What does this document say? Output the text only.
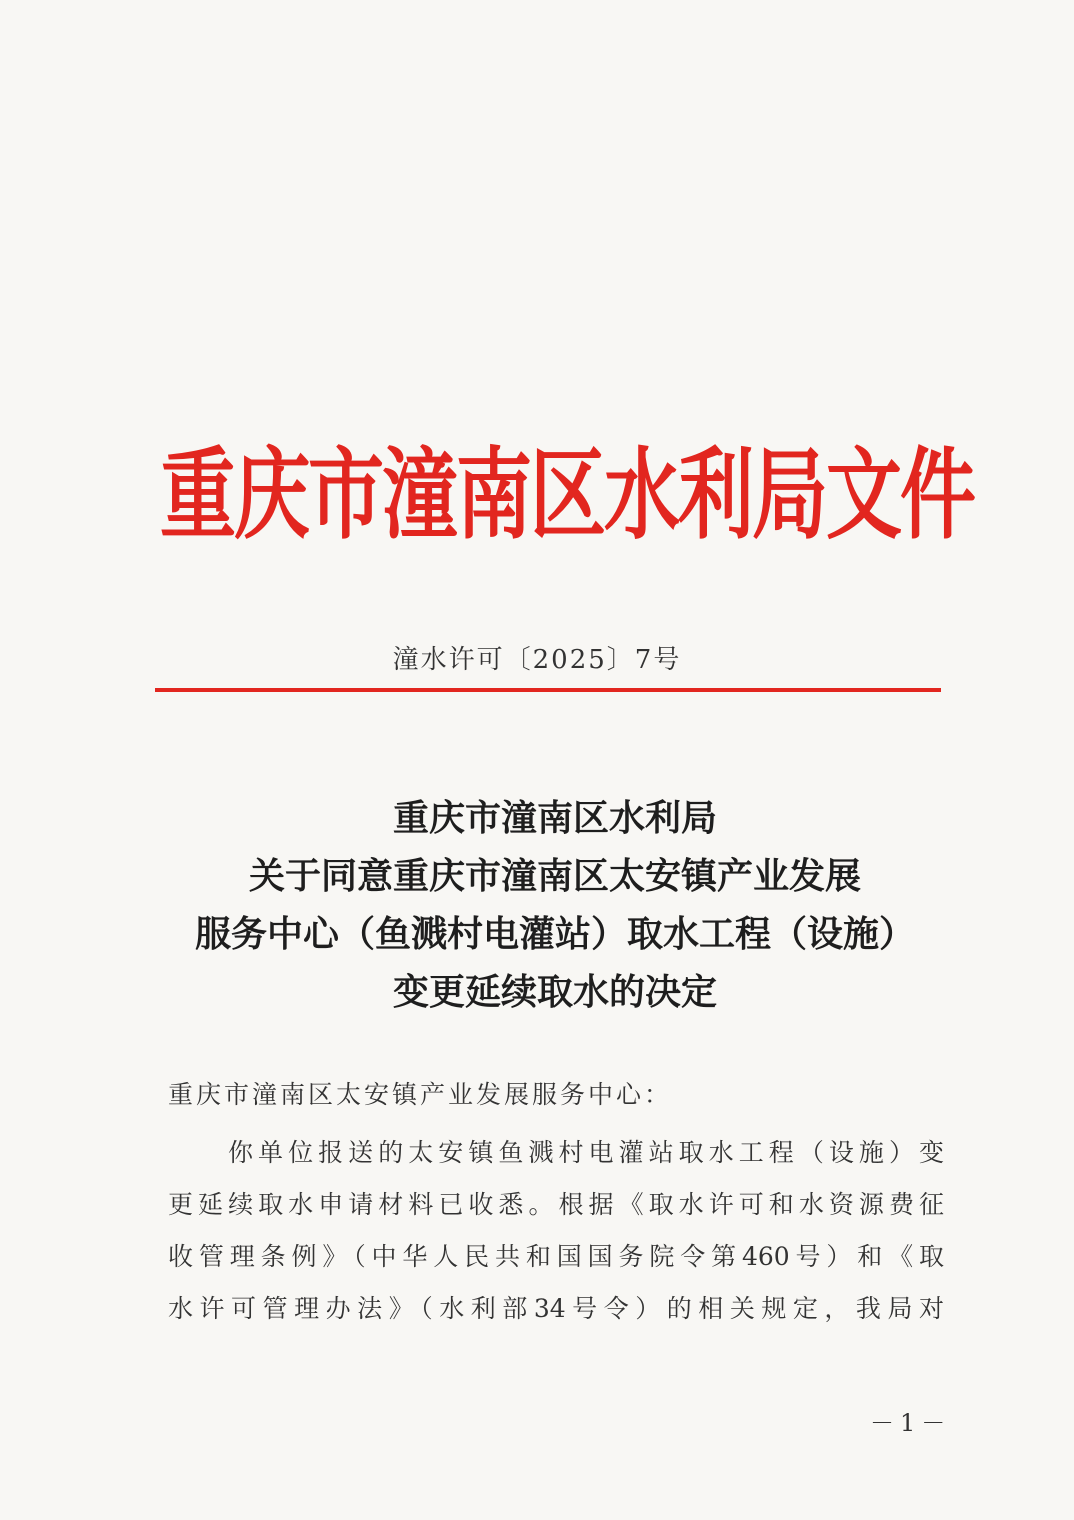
重庆市潼南区水利局文件
潼水许可〔2025〕7号
重庆市潼南区水利局
关于同意重庆市潼南区太安镇产业发展
服务中心（鱼溅村电灌站）取水工程（设施）
变更延续取水的决定
重庆市潼南区太安镇产业发展服务中心：
你单位报送的太安镇鱼溅村电灌站取水工程（设施）变
更延续取水申请材料已收悉。根据《取水许可和水资源费征
收管理条例》（中华人民共和国国务院令第460号）和《取
水许可管理办法》（水利部34号令）的相关规定，我局对
－1－
